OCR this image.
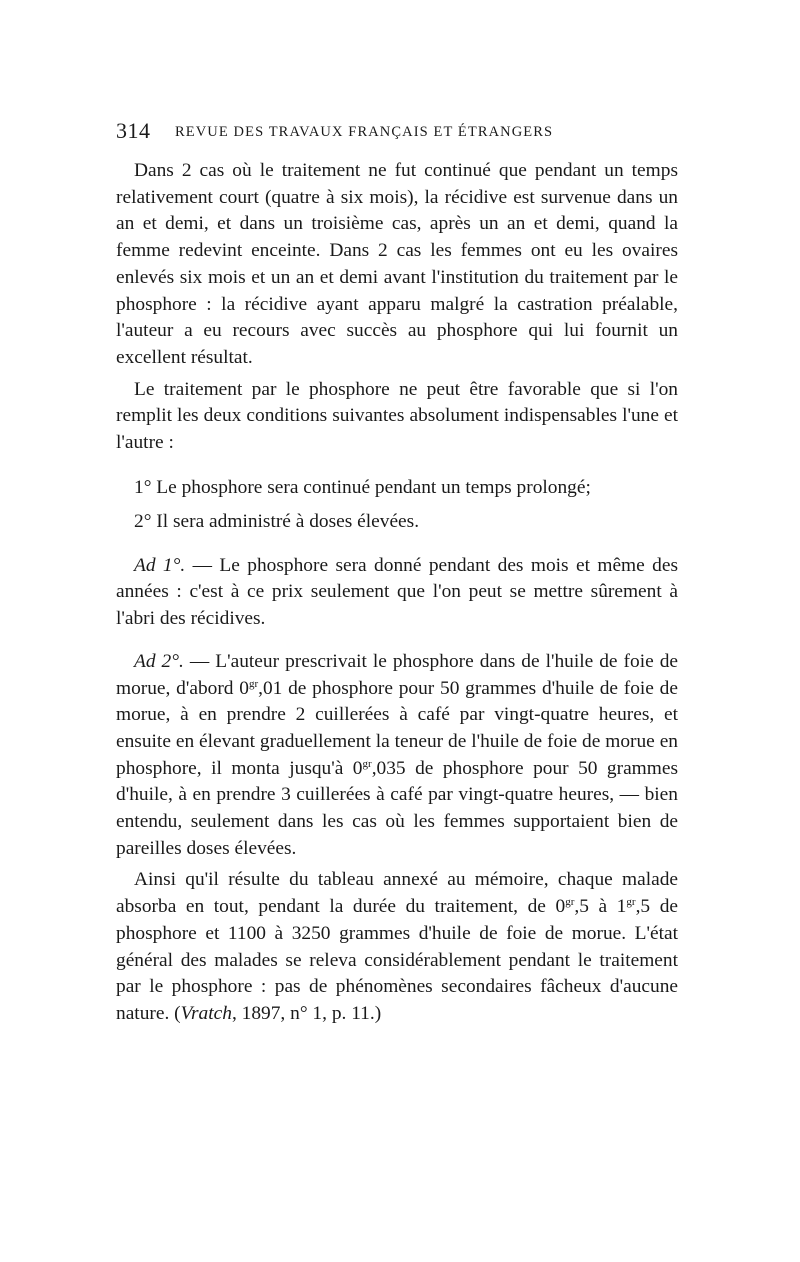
314 REVUE DES TRAVAUX FRANÇAIS ET ÉTRANGERS

Dans 2 cas où le traitement ne fut continué que pendant un temps relativement court (quatre à six mois), la récidive est survenue dans un an et demi, et dans un troisième cas, après un an et demi, quand la femme redevint enceinte. Dans 2 cas les femmes ont eu les ovaires enlevés six mois et un an et demi avant l'institution du traitement par le phosphore : la récidive ayant apparu malgré la castration préalable, l'auteur a eu recours avec succès au phosphore qui lui fournit un excellent résultat.

Le traitement par le phosphore ne peut être favorable que si l'on remplit les deux conditions suivantes absolument indispensables l'une et l'autre :

1° Le phosphore sera continué pendant un temps prolongé;

2° Il sera administré à doses élevées.

Ad 1°. — Le phosphore sera donné pendant des mois et même des années : c'est à ce prix seulement que l'on peut se mettre sûrement à l'abri des récidives.

Ad 2°. — L'auteur prescrivait le phosphore dans de l'huile de foie de morue, d'abord $0^{gr},01$ de phosphore pour 50 grammes d'huile de foie de morue, à en prendre 2 cuillerées à café par vingt-quatre heures, et ensuite en élevant graduellement la teneur de l'huile de foie de morue en phosphore, il monta jusqu'à $0^{gr},035$ de phosphore pour 50 grammes d'huile, à en prendre 3 cuillerées à café par vingt-quatre heures, — bien entendu, seulement dans les cas où les femmes supportaient bien de pareilles doses élevées.

Ainsi qu'il résulte du tableau annexé au mémoire, chaque malade absorba en tout, pendant la durée du traitement, de $0^{gr},5$ à $1^{gr},5$ de phosphore et 1100 à 3250 grammes d'huile de foie de morue. L'état général des malades se releva considérablement pendant le traitement par le phosphore : pas de phénomènes secondaires fâcheux d'aucune nature. (Vratch, 1897, n° 1, p. 11.)
